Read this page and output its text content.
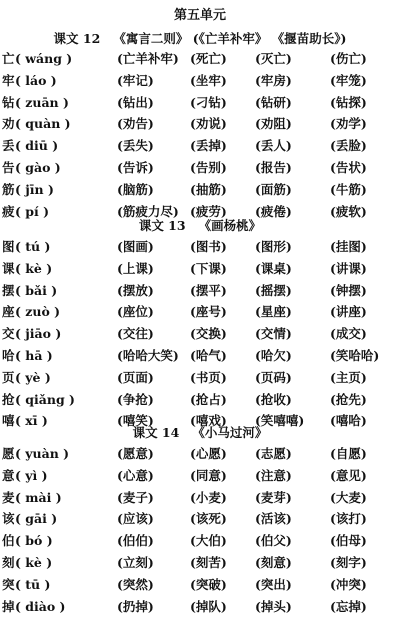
第五单元
课文 12 《寓言二则》 (《亡羊补牢》 《揠苗助长》)
课文 13 《画杨桃》
课文 14 《小马过河》
亡 ( wáng )	(亡羊补牢) (死亡) (灭亡)	(伤亡)
牢 ( láo )	(牢记)	(坐牢) (牢房)	(牢笼)
钻 ( zuān )	(钻出)	(刁钻) (钻研)	(钻探)
劝 ( quàn )	(劝告)	(劝说) (劝阻)	(劝学)
丢 ( diū )	(丢失)	(丢掉) (丢人)	(丢脸)
告 ( gào )	(告诉)	(告别) (报告)	(告状)
筋 ( jīn )	(脑筋)	(抽筋) (面筋)	(牛筋)
疲 ( pí )	(筋疲力尽) (疲劳) (疲倦)	(疲软)
图 ( tú )	(图画)	(图书) (图形)	(挂图)
课 ( kè )	(上课)	(下课) (课桌)	(讲课)
摆 ( bǎi )	(摆放)	(摆平) (摇摆)	(钟摆)
座 ( zuò )	(座位)	(座号) (星座)	(讲座)
交 ( jiāo )	(交往)	(交换) (交情)	(成交)
哈 ( hā )	(哈哈大笑) (哈气) (哈欠)	(笑哈哈)
页 ( yè )	(页面)	(书页) (页码)	(主页)
抢 ( qiǎng )	(争抢)	(抢占) (抢收)	(抢先)
嘻 ( xī )	(嘻笑)	(嘻戏) (笑嘻嘻) (嘻哈)
愿 ( yuàn )	(愿意)	(心愿) (志愿)	(自愿)
意 ( yì )	(心意)	(同意) (注意)	(意见)
麦 ( mài )	(麦子)	(小麦) (麦芽)	(大麦)
该 ( gāi )	(应该)	(该死) (活该)	(该打)
伯 ( bó )	(伯伯)	(大伯) (伯父)	(伯母)
刻 ( kè )	(立刻)	(刻苦) (刻意)	(刻字)
突 ( tū )	(突然)	(突破) (突出)	(冲突)
掉 ( diào )	(扔掉)	(掉队) (掉头)	(忘掉)
